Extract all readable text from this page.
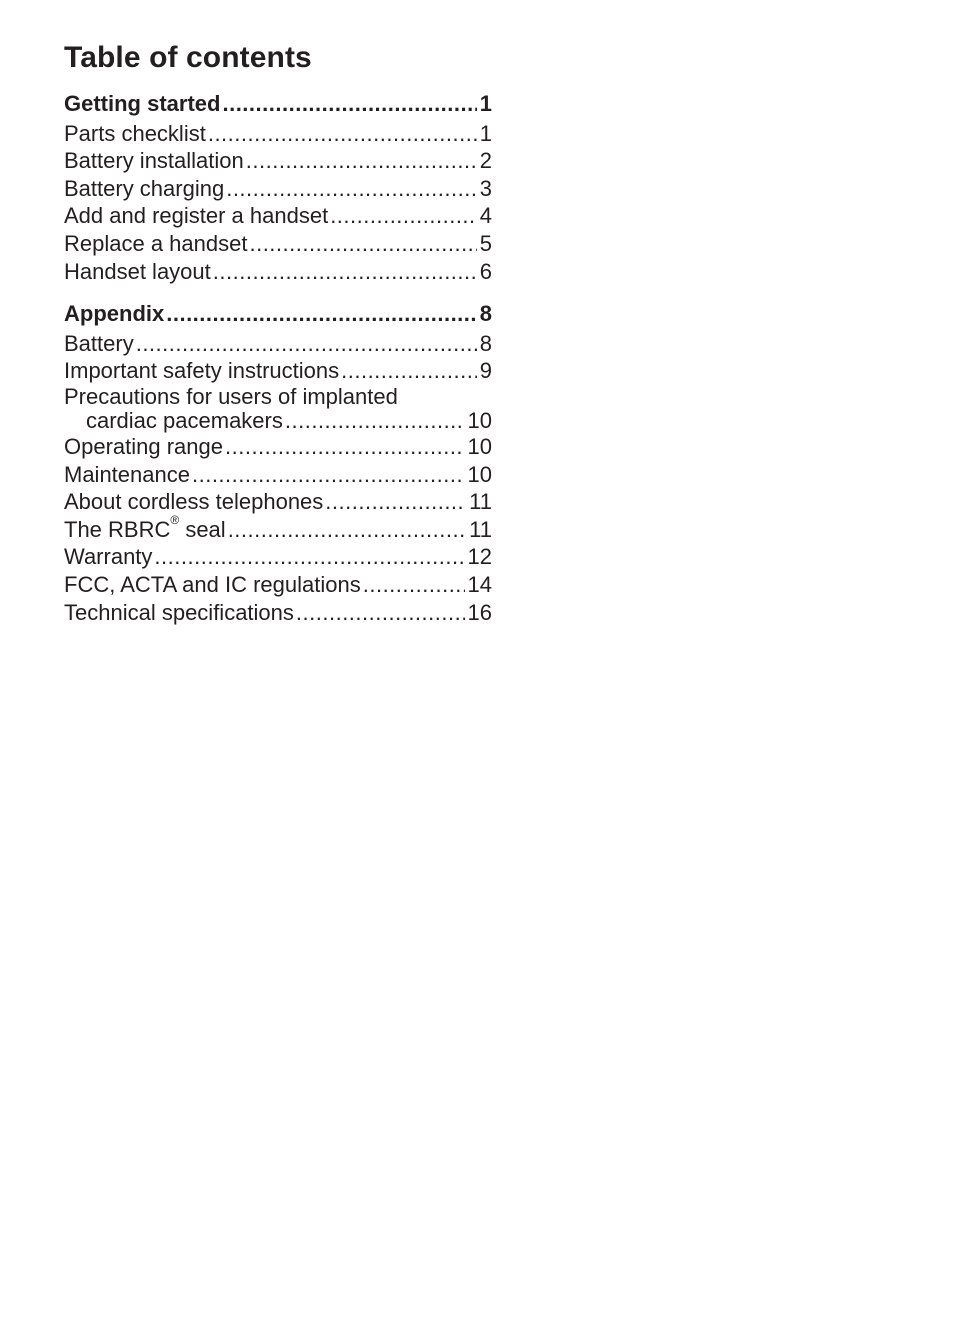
Table of contents
Getting started .....	1
Parts checklist .....	1
Battery installation .....	2
Battery charging .....	3
Add and register a handset .....	4
Replace a handset .....	5
Handset layout .....	6
Appendix .....	8
Battery .....	8
Important safety instructions .....	9
Precautions for users of implanted
cardiac pacemakers .....	10
Operating range .....	10
Maintenance .....	10
About cordless telephones .....	11
The RBRC® seal .....	11
Warranty .....	12
FCC, ACTA and IC regulations .....	14
Technical specifications .....	16
